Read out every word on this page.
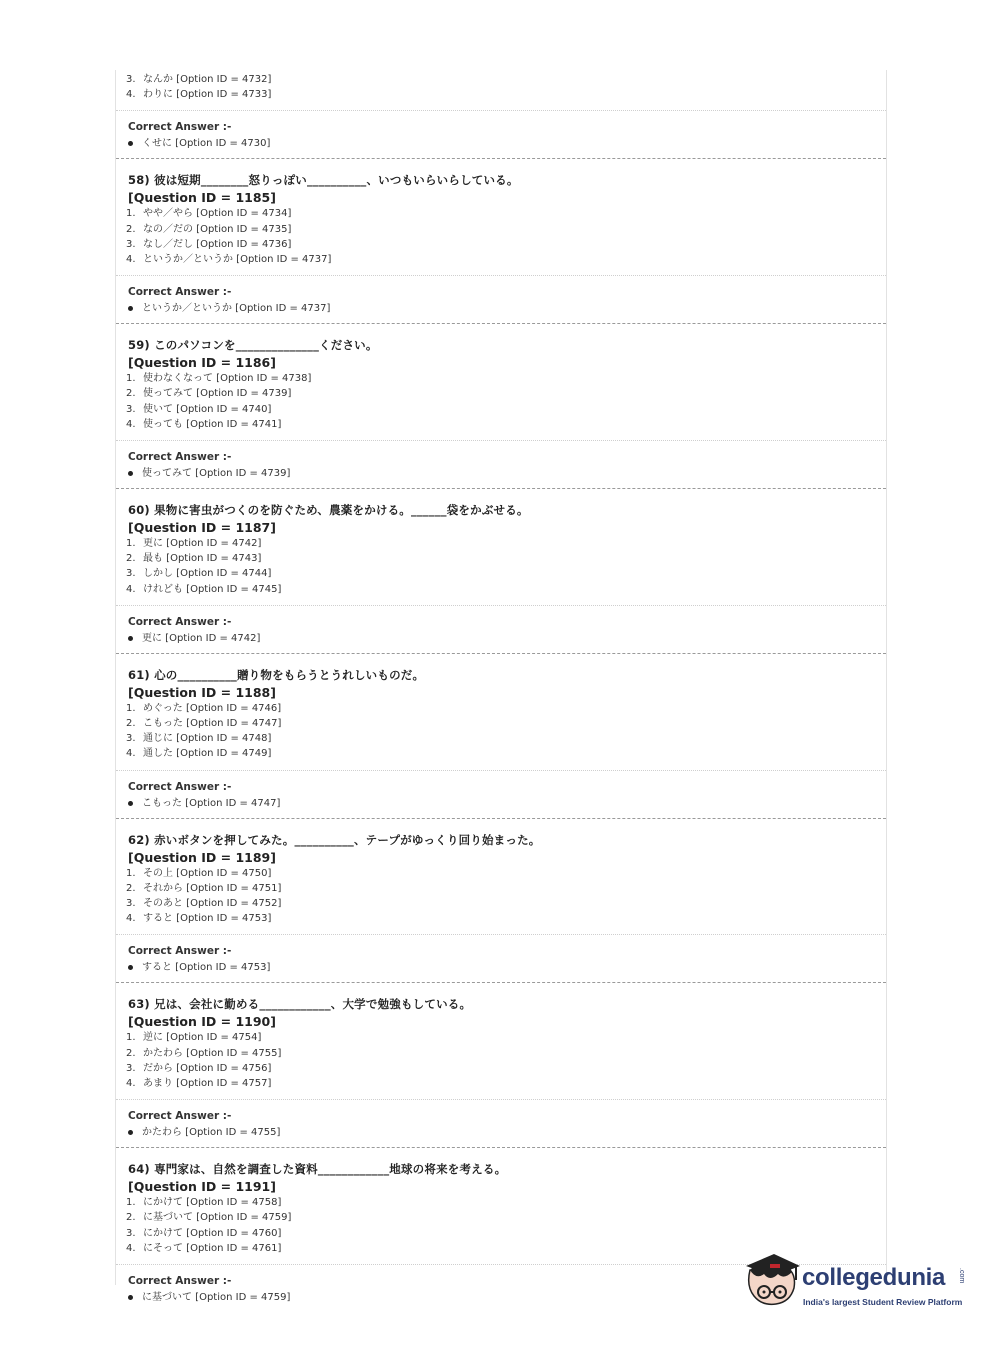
3. なんか [Option ID = 4732]
4. わりに [Option ID = 4733]
Correct Answer :-
くせに [Option ID = 4730]
58) 彼は短期________怒りっぽい__________、いつもいらいらしている。
[Question ID = 1185]
1. やや／やら [Option ID = 4734]
2. なの／だの [Option ID = 4735]
3. なし／だし [Option ID = 4736]
4. というか／というか [Option ID = 4737]
Correct Answer :-
というか／というか [Option ID = 4737]
59) このパソコンを______________ください。
[Question ID = 1186]
1. 使わなくなって [Option ID = 4738]
2. 使ってみて [Option ID = 4739]
3. 使いて [Option ID = 4740]
4. 使っても [Option ID = 4741]
Correct Answer :-
使ってみて [Option ID = 4739]
60) 果物に害虫がつくのを防ぐため、農薬をかける。______袋をかぶせる。
[Question ID = 1187]
1. 更に [Option ID = 4742]
2. 最も [Option ID = 4743]
3. しかし [Option ID = 4744]
4. けれども [Option ID = 4745]
Correct Answer :-
更に [Option ID = 4742]
61) 心の__________贈り物をもらうとうれしいものだ。
[Question ID = 1188]
1. めぐった [Option ID = 4746]
2. こもった [Option ID = 4747]
3. 通じに [Option ID = 4748]
4. 通した [Option ID = 4749]
Correct Answer :-
こもった [Option ID = 4747]
62) 赤いボタンを押してみた。__________、テープがゆっくり回り始まった。
[Question ID = 1189]
1. その上 [Option ID = 4750]
2. それから [Option ID = 4751]
3. そのあと [Option ID = 4752]
4. すると [Option ID = 4753]
Correct Answer :-
すると [Option ID = 4753]
63) 兄は、会社に勤める____________、大学で勉強もしている。
[Question ID = 1190]
1. 逆に [Option ID = 4754]
2. かたわら [Option ID = 4755]
3. だから [Option ID = 4756]
4. あまり [Option ID = 4757]
Correct Answer :-
かたわら [Option ID = 4755]
64) 専門家は、自然を調査した資料____________地球の将来を考える。
[Question ID = 1191]
1. にかけて [Option ID = 4758]
2. に基づいて [Option ID = 4759]
3. にかけて [Option ID = 4760]
4. にそって [Option ID = 4761]
Correct Answer :-
に基づいて [Option ID = 4759]
collegedunia .com
India's largest Student Review Platform
